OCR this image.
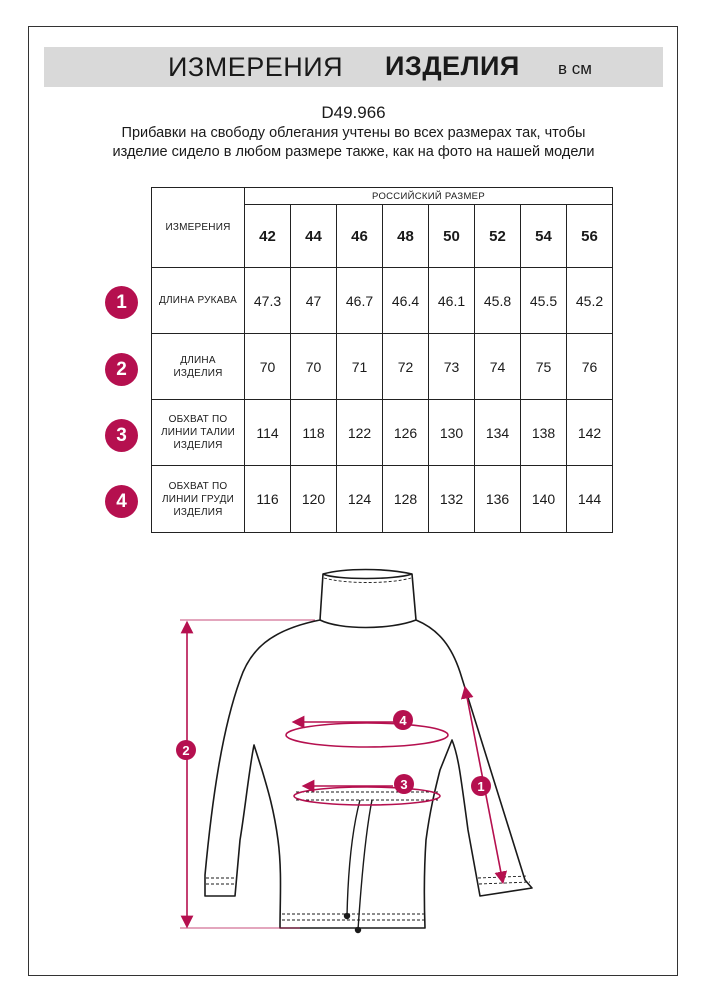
ИЗМЕРЕНИЯ ИЗДЕЛИЯ в см
D49.966
Прибавки на свободу облегания учтены во всех размерах так, чтобы изделие сидело в любом размере также, как на фото на нашей модели
ИЗМЕРЕНИЯ	РОССИЙСКИЙ РАЗМЕР							
	42	44	46	48	50	52	54	56
ДЛИНА РУКАВА	47.3	47	46.7	46.4	46.1	45.8	45.5	45.2
ДЛИНА ИЗДЕЛИЯ	70	70	71	72	73	74	75	76
ОБХВАТ ПО ЛИНИИ ТАЛИИ ИЗДЕЛИЯ	114	118	122	126	130	134	138	142
ОБХВАТ ПО ЛИНИИ ГРУДИ ИЗДЕЛИЯ	116	120	124	128	132	136	140	144
1
2
3
4
2
1
4
3
